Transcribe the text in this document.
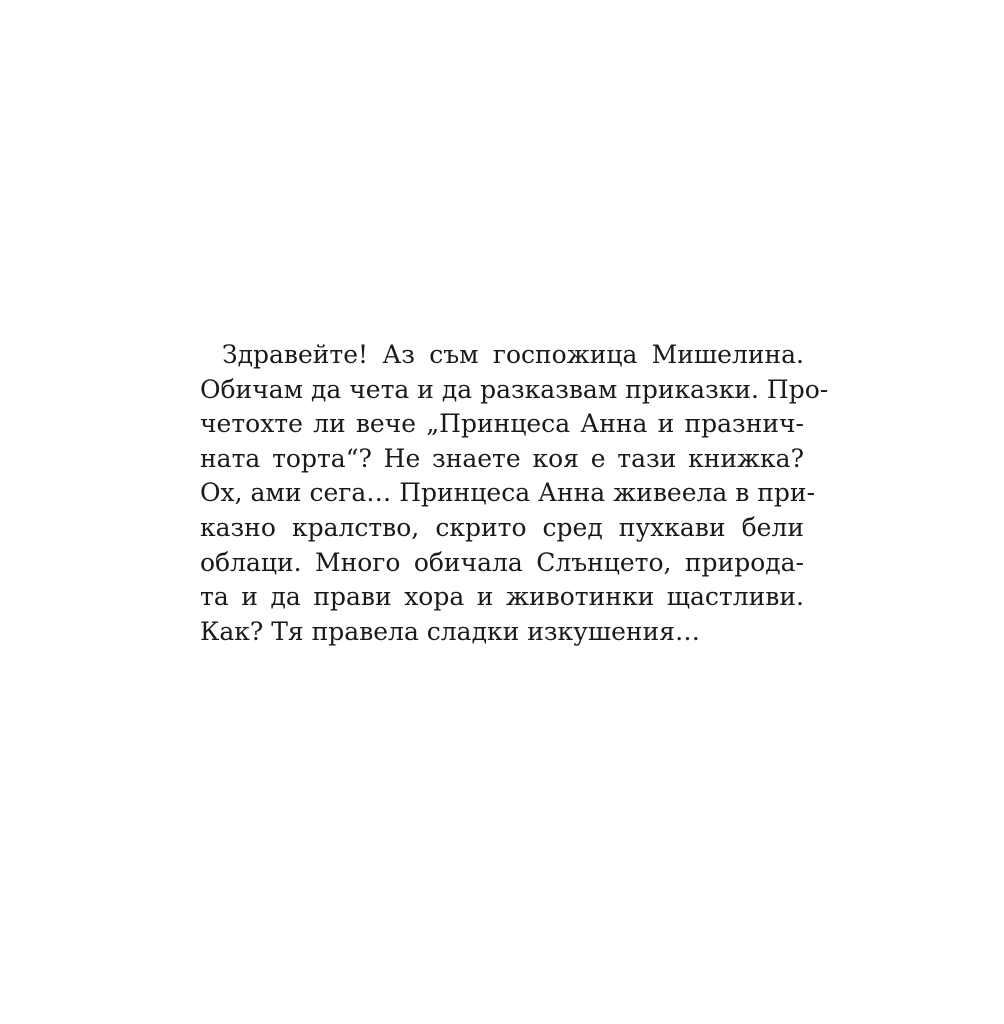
Здравейте! Аз съм госпожица Мишелина.
Обичам да чета и да разказвам приказки. Про-
четохте ли вече „Принцеса Анна и празнич-
ната торта“? Не знаете коя е тази книжка?
Ох, ами сега… Принцеса Анна живеела в при-
казно кралство, скрито сред пухкави бели
облаци. Много обичала Слънцето, природа-
та и да прави хора и животинки щастливи.
Как? Тя правела сладки изкушения…
